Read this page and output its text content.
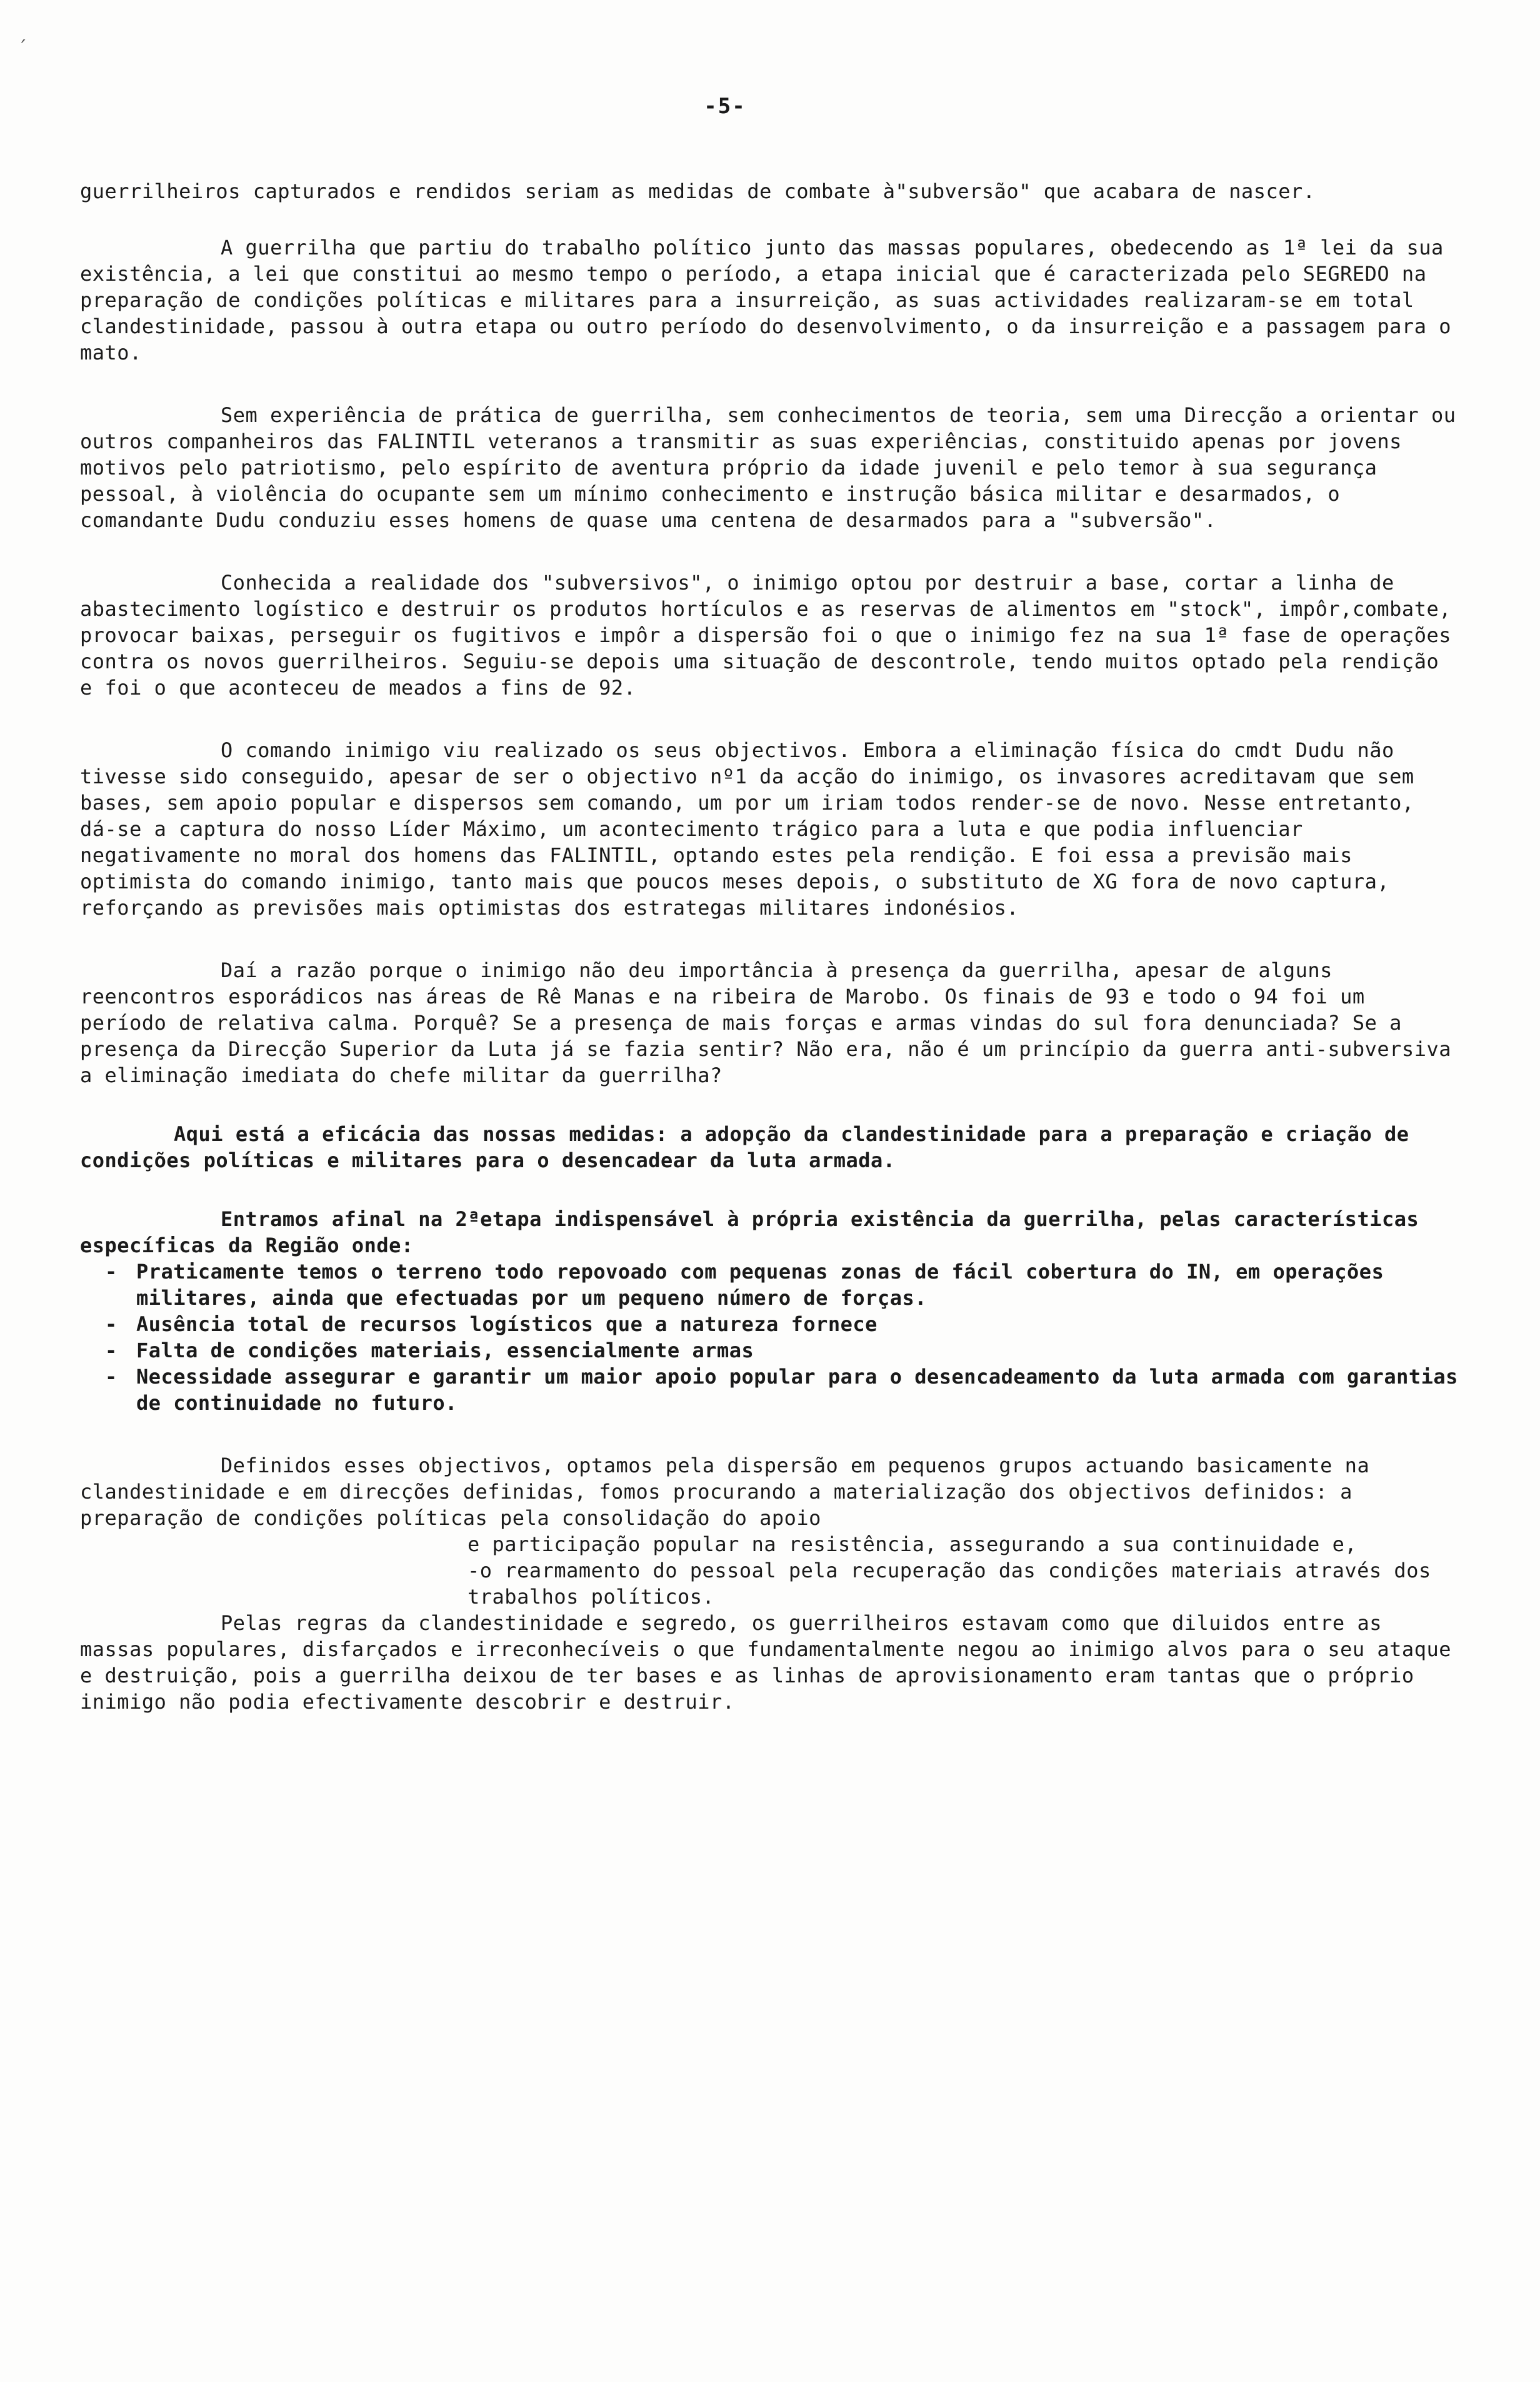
ˊ
-5-

guerrilheiros capturados e rendidos seriam as medidas de combate à"subversão" que acabara de nascer.

A guerrilha que partiu do trabalho político junto das massas populares, obedecendo as 1ª lei da sua existência, a lei que constitui ao mesmo tempo o período, a etapa inicial que é caracterizada pelo SEGREDO na preparação de condições políticas e militares para a insurreição, as suas actividades realizaram-se em total clandestinidade, passou à outra etapa ou outro período do desenvolvimento, o da insurreição e a passagem para o mato.

Sem experiência de prática de guerrilha, sem conhecimentos de teoria, sem uma Direcção a orientar ou outros companheiros das FALINTIL veteranos a transmitir as suas experiências, constituido apenas por jovens motivos pelo patriotismo, pelo espírito de aventura próprio da idade juvenil e pelo temor à sua segurança pessoal, à violência do ocupante sem um mínimo conhecimento e instrução básica militar e desarmados, o comandante Dudu conduziu esses homens de quase uma centena de desarmados para a "subversão".

Conhecida a realidade dos "subversivos", o inimigo optou por destruir a base, cortar a linha de abastecimento logístico e destruir os produtos hortículos e as reservas de alimentos em "stock", impôr,combate, provocar baixas, perseguir os fugitivos e impôr a dispersão foi o que o inimigo fez na sua 1ª fase de operações contra os novos guerrilheiros. Seguiu-se depois uma situação de descontrole, tendo muitos optado pela rendição e foi o que aconteceu de meados a fins de 92.

O comando inimigo viu realizado os seus objectivos. Embora a eliminação física do cmdt Dudu não tivesse sido conseguido, apesar de ser o objectivo nº1 da acção do inimigo, os invasores acreditavam que sem bases, sem apoio popular e dispersos sem comando, um por um iriam todos render-se de novo. Nesse entretanto, dá-se a captura do nosso Líder Máximo, um acontecimento trágico para a luta e que podia influenciar negativamente no moral dos homens das FALINTIL, optando estes pela rendição. E foi essa a previsão mais optimista do comando inimigo, tanto mais que poucos meses depois, o substituto de XG fora de novo captura, reforçando as previsões mais optimistas dos estrategas militares indonésios.

Daí a razão porque o inimigo não deu importância à presença da guerrilha, apesar de alguns reencontros esporádicos nas áreas de Rê Manas e na ribeira de Marobo. Os finais de 93 e todo o 94 foi um período de relativa calma. Porquê? Se a presença de mais forças e armas vindas do sul fora denunciada? Se a presença da Direcção Superior da Luta já se fazia sentir? Não era, não é um princípio da guerra anti-subversiva a eliminação imediata do chefe militar da guerrilha?

Aqui está a eficácia das nossas medidas: a adopção da clandestinidade para a preparação e criação de condições políticas e militares para o desencadear da luta armada.

Entramos afinal na 2ªetapa indispensável à própria existência da guerrilha, pelas características específicas da Região onde:

- Praticamente temos o terreno todo repovoado com pequenas zonas de fácil cobertura do IN, em operações militares, ainda que efectuadas por um pequeno número de forças.
- Ausência total de recursos logísticos que a natureza fornece
- Falta de condições materiais, essencialmente armas
- Necessidade assegurar e garantir um maior apoio popular para o desencadeamento da luta armada com garantias de continuidade no futuro.

Definidos esses objectivos, optamos pela dispersão em pequenos grupos actuando basicamente na clandestinidade e em direcções definidas, fomos procurando a materialização dos objectivos definidos: a preparação de condições políticas pela consolidação do apoio

e participação popular na resistência, assegurando a sua continuidade e,
-o rearmamento do pessoal pela recuperação das condições materiais através dos trabalhos políticos.

Pelas regras da clandestinidade e segredo, os guerrilheiros estavam como que diluidos entre as massas populares, disfarçados e irreconhecíveis o que fundamentalmente negou ao inimigo alvos para o seu ataque e destruição, pois a guerrilha deixou de ter bases e as linhas de aprovisionamento eram tantas que o próprio inimigo não podia efectivamente descobrir e destruir.
